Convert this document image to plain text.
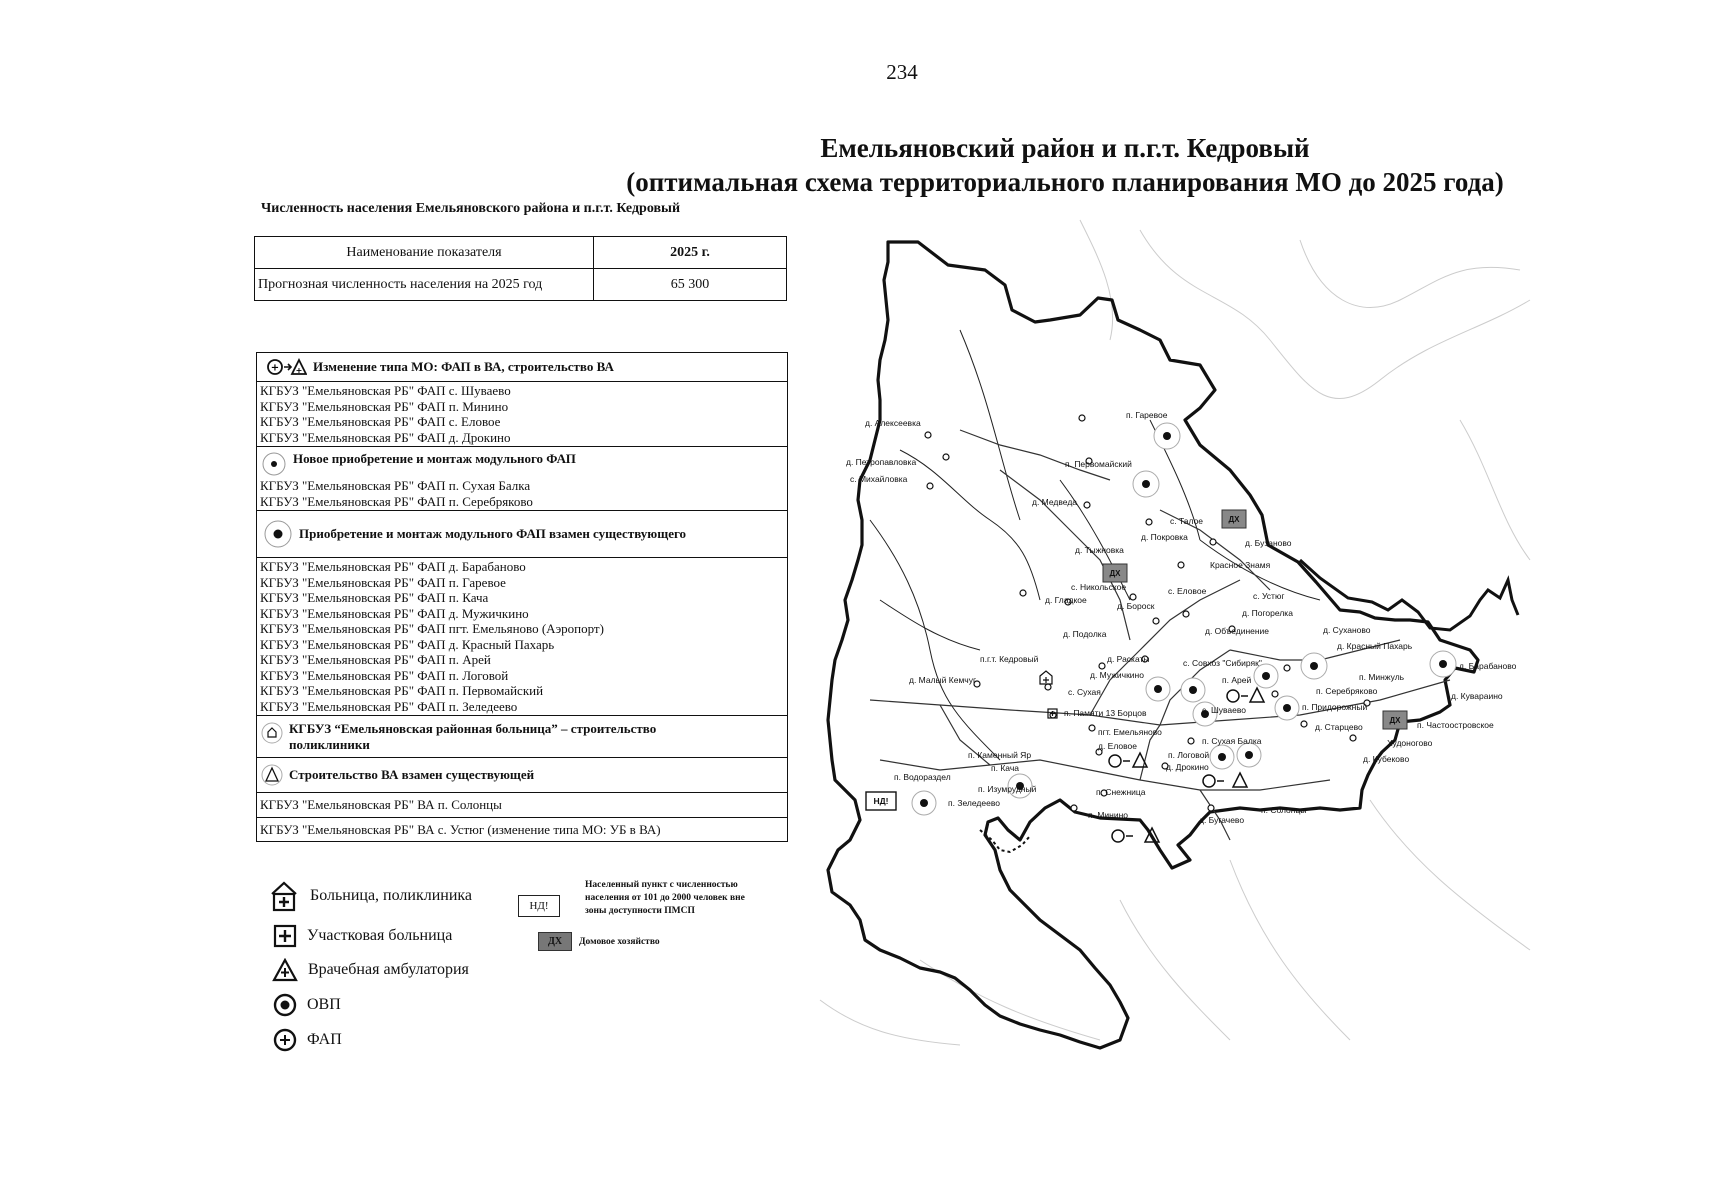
234
Емельяновский район и п.г.т. Кедровый
(оптимальная схема территориального планирования МО до 2025 года)
Численность населения Емельяновского района и п.г.т. Кедровый
Наименование показателя	2025 г.
Прогнозная численность населения на 2025 год	65 300
+ + Изменение типа МО: ФАП в ВА, строительство ВА
КГБУЗ "Емельяновская РБ" ФАП с. Шуваево
КГБУЗ "Емельяновская РБ" ФАП п. Минино
КГБУЗ "Емельяновская РБ" ФАП с. Еловое
КГБУЗ "Емельяновская РБ" ФАП д. Дрокино
Новое приобретение и монтаж модульного ФАП
КГБУЗ "Емельяновская РБ" ФАП п. Сухая Балка
КГБУЗ "Емельяновская РБ" ФАП п. Серебряково
Приобретение и монтаж модульного ФАП взамен существующего
КГБУЗ "Емельяновская РБ" ФАП д. Барабаново
КГБУЗ "Емельяновская РБ" ФАП п. Гаревое
КГБУЗ "Емельяновская РБ" ФАП п. Кача
КГБУЗ "Емельяновская РБ" ФАП д. Мужичкино
КГБУЗ "Емельяновская РБ" ФАП пгт. Емельяново (Аэропорт)
КГБУЗ "Емельяновская РБ" ФАП д. Красный Пахарь
КГБУЗ "Емельяновская РБ" ФАП п. Арей
КГБУЗ "Емельяновская РБ" ФАП п. Логовой
КГБУЗ "Емельяновская РБ" ФАП п. Первомайский
КГБУЗ "Емельяновская РБ" ФАП п. Зеледеево
КГБУЗ “Емельяновская районная больница” – строительство поликлиники
Строительство ВА взамен существующей
КГБУЗ "Емельяновская РБ" ВА п. Солонцы
КГБУЗ "Емельяновская РБ" ВА с. Устюг (изменение типа МО: УБ в ВА)
Больница, поликлиника
Участковая больница
Врачебная амбулатория
ОВП
ФАП
НД!
Населенный пункт с численностью
населения от 101 до 2000 человек вне
зоны доступности ПМСП
ДХ	Домовое хозяйство
ДХ
ДХ
ДХ
НД!
д. Алексеевка
д. Петропавловка
с. Михайловка
п. Гаревое
п. Первомайский
д. Медведа
с. Талое
д. Покровка
д. Бузаново
д. Тыжновка
Красное Знамя
с. Никольское
д. Гладкое
с. Еловое	с. Устюг
д. Бороск
д. Погорелка
д. Подолка	д. Объединение	д. Суханово
п.г.т. Кедровый	д. Раскаты	с. Совхоз "Сибиряк"
д. Красный Пахарь
д. Барабаново
д. Малый Кемчуг	д. Мужичкино	п. Минжуль
с. Сухая
п. Арей
п. Серебряково	д. Кувараино
п. Памяти 13 Борцов	с. Шуваево	п. Придорожный
п. Частоостровское
пгт. Емельяново	д. Старцево
п. Каменный Яр
п. Сухая Балка
п. Логовой
Худоногово
д. Еловое
п. Кача	д. Дрокино
д. Кубеково
п. Водораздел
п. Изумрудный
п. Зеледеево
п. Снежница
п. Солонцы
п. Минино	д. Бугачево
